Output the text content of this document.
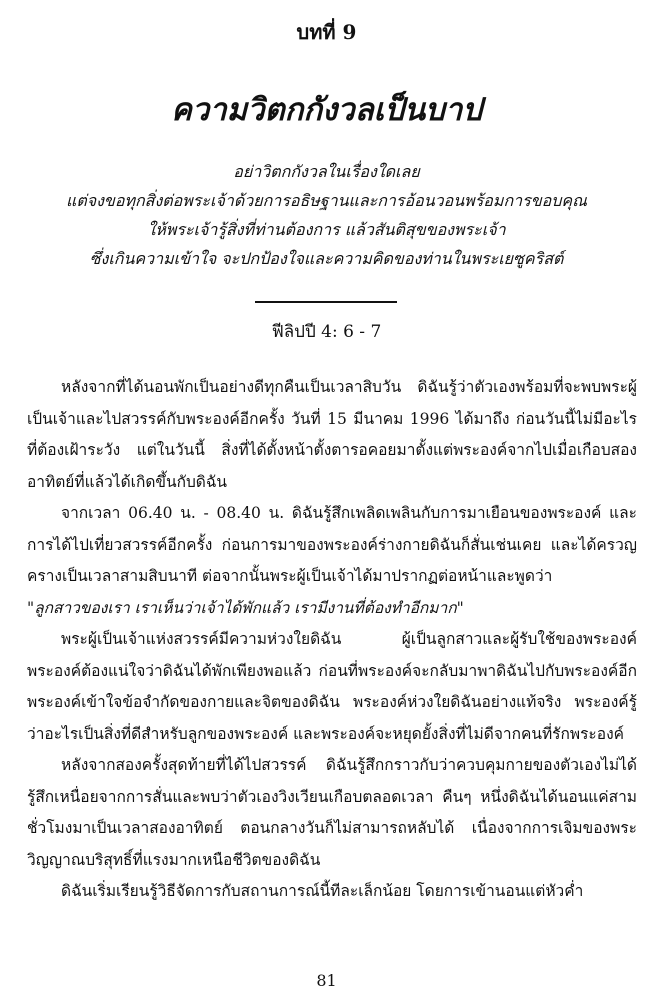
บทที่ 9
ความวิตกกังวลเป็นบาป
อย่าวิตกกังวลในเรื่องใดเลย
แต่จงขอทุกสิ่งต่อพระเจ้าด้วยการอธิษฐานและการอ้อนวอนพร้อมการขอบคุณ
ให้พระเจ้ารู้สิ่งที่ท่านต้องการ แล้วสันติสุขของพระเจ้า
ซึ่งเกินความเข้าใจ จะปกป้องใจและความคิดของท่านในพระเยซูคริสต์
ฟีลิปปี 4: 6 - 7

หลังจากที่ได้นอนพักเป็นอย่างดีทุกคืนเป็นเวลาสิบวัน ดิฉันรู้ว่าตัวเองพร้อมที่จะพบพระผู้เป็นเจ้าและไปสวรรค์กับพระองค์อีกครั้ง วันที่ 15 มีนาคม 1996 ได้มาถึง ก่อนวันนี้ไม่มีอะไรที่ต้องเฝ้าระวัง แต่ในวันนี้ สิ่งที่ได้ตั้งหน้าตั้งตารอคอยมาตั้งแต่พระองค์จากไปเมื่อเกือบสองอาทิตย์ที่แล้วได้เกิดขึ้นกับดิฉัน

จากเวลา 06.40 น. - 08.40 น. ดิฉันรู้สึกเพลิดเพลินกับการมาเยือนของพระองค์ และการได้ไปเที่ยวสวรรค์อีกครั้ง ก่อนการมาของพระองค์ร่างกายดิฉันก็สั่นเช่นเคย และได้ครวญครางเป็นเวลาสามสิบนาที ต่อจากนั้นพระผู้เป็นเจ้าได้มาปรากฏต่อหน้าและพูดว่า
"ลูกสาวของเรา เราเห็นว่าเจ้าได้พักแล้ว เรามีงานที่ต้องทำอีกมาก"

พระผู้เป็นเจ้าแห่งสวรรค์มีความห่วงใยดิฉัน ผู้เป็นลูกสาวและผู้รับใช้ของพระองค์ พระองค์ต้องแน่ใจว่าดิฉันได้พักเพียงพอแล้ว ก่อนที่พระองค์จะกลับมาพาดิฉันไปกับพระองค์อีก พระองค์เข้าใจข้อจำกัดของกายและจิตของดิฉัน พระองค์ห่วงใยดิฉันอย่างแท้จริง พระองค์รู้ว่าอะไรเป็นสิ่งที่ดีสำหรับลูกของพระองค์ และพระองค์จะหยุดยั้งสิ่งที่ไม่ดีจากคนที่รักพระองค์

หลังจากสองครั้งสุดท้ายที่ได้ไปสวรรค์ ดิฉันรู้สึกกราวกับว่าควบคุมกายของตัวเองไม่ได้ รู้สึกเหนื่อยจากการสั่นและพบว่าตัวเองวิงเวียนเกือบตลอดเวลา คืนๆ หนึ่งดิฉันได้นอนแค่สามชั่วโมงมาเป็นเวลาสองอาทิตย์ ตอนกลางวันก็ไม่สามารถหลับได้ เนื่องจากการเจิมของพระวิญญาณบริสุทธิ์ที่แรงมากเหนือชีวิตของดิฉัน

ดิฉันเริ่มเรียนรู้วิธีจัดการกับสถานการณ์นี้ทีละเล็กน้อย โดยการเข้านอนแต่หัวค่ำ

81
